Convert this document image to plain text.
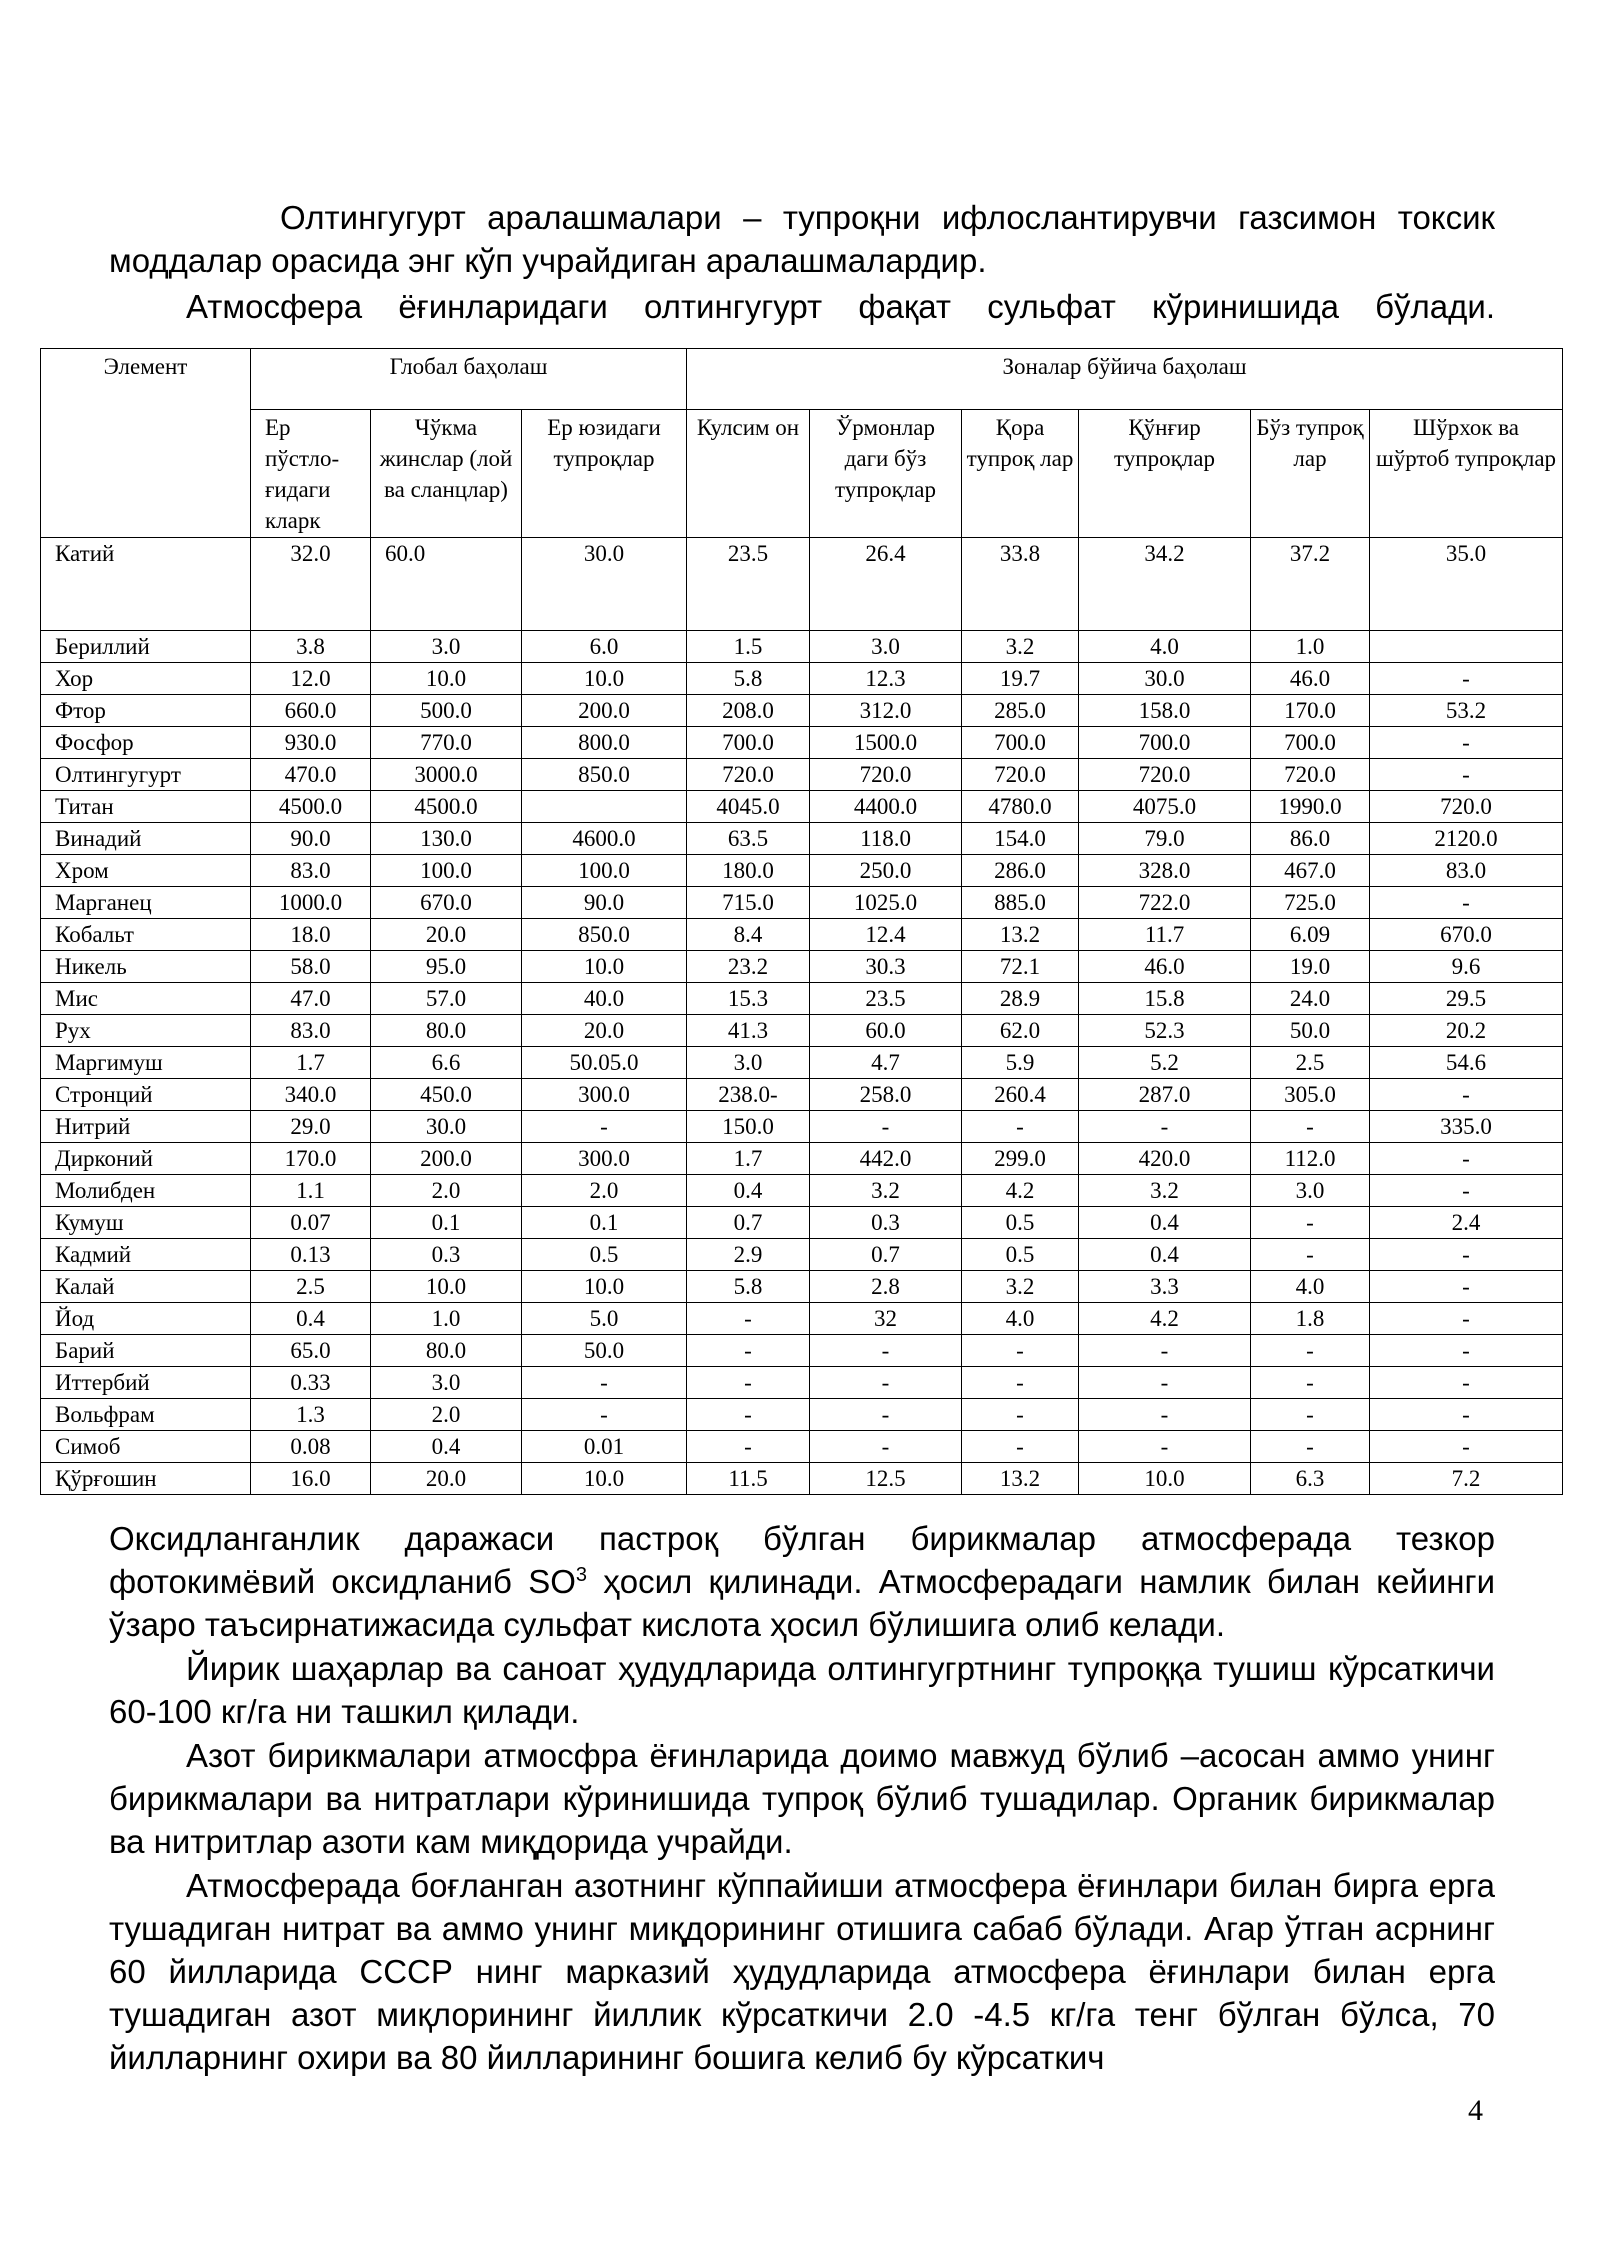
Олтингугурт аралашмалари – тупроқни ифлослантирувчи газсимон токсик моддалар орасида энг кўп учрайдиган аралашмалардир.

Атмосфера ёғинларидаги олтингугурт фақат сульфат кўринишида бўлади.

Элемент	Глобал баҳолаш			Зоналар бўйича баҳолаш					
	Ер пўстло-ғидаги кларк	Чўкма жинслар (лой ва сланцлар)	Ер юзидаги тупроқлар	Кулсим он	Ўрмонлар даги бўз тупроқлар	Қора тупроқ лар	Қўнғир тупроқлар	Бўз тупроқ лар	Шўрхок ва шўртоб тупроқлар
Катий	32.0	60.0	30.0	23.5	26.4	33.8	34.2	37.2	35.0
Бериллий	3.8	3.0	6.0	1.5	3.0	3.2	4.0	1.0	
Хор	12.0	10.0	10.0	5.8	12.3	19.7	30.0	46.0	-
Фтор	660.0	500.0	200.0	208.0	312.0	285.0	158.0	170.0	53.2
Фосфор	930.0	770.0	800.0	700.0	1500.0	700.0	700.0	700.0	-
Олтингугурт	470.0	3000.0	850.0	720.0	720.0	720.0	720.0	720.0	-
Титан	4500.0	4500.0		4045.0	4400.0	4780.0	4075.0	1990.0	720.0
Винадий	90.0	130.0	4600.0	63.5	118.0	154.0	79.0	86.0	2120.0
Хром	83.0	100.0	100.0	180.0	250.0	286.0	328.0	467.0	83.0
Марганец	1000.0	670.0	90.0	715.0	1025.0	885.0	722.0	725.0	-
Кобальт	18.0	20.0	850.0	8.4	12.4	13.2	11.7	6.09	670.0
Никель	58.0	95.0	10.0	23.2	30.3	72.1	46.0	19.0	9.6
Мис	47.0	57.0	40.0	15.3	23.5	28.9	15.8	24.0	29.5
Рух	83.0	80.0	20.0	41.3	60.0	62.0	52.3	50.0	20.2
Маргимуш	1.7	6.6	50.05.0	3.0	4.7	5.9	5.2	2.5	54.6
Стронций	340.0	450.0	300.0	238.0-	258.0	260.4	287.0	305.0	-
Нитрий	29.0	30.0	-	150.0	-	-	-	-	335.0
Дирконий	170.0	200.0	300.0	1.7	442.0	299.0	420.0	112.0	-
Молибден	1.1	2.0	2.0	0.4	3.2	4.2	3.2	3.0	-
Кумуш	0.07	0.1	0.1	0.7	0.3	0.5	0.4	-	2.4
Кадмий	0.13	0.3	0.5	2.9	0.7	0.5	0.4	-	-
Калай	2.5	10.0	10.0	5.8	2.8	3.2	3.3	4.0	-
Йод	0.4	1.0	5.0	-	32	4.0	4.2	1.8	-
Барий	65.0	80.0	50.0	-	-	-	-	-	-
Иттербий	0.33	3.0	-	-	-	-	-	-	-
Вольфрам	1.3	2.0	-	-	-	-	-	-	-
Симоб	0.08	0.4	0.01	-	-	-	-	-	-
Қўрғошин	16.0	20.0	10.0	11.5	12.5	13.2	10.0	6.3	7.2

Оксидланганлик даражаси пастроқ бўлган бирикмалар атмосферада тезкор фотокимёвий оксидланиб $SO^3$ ҳосил қилинади. Атмосферадаги намлик билан кейинги ўзаро таъсирнатижасида сульфат кислота ҳосил бўлишига олиб келади.

Йирик шаҳарлар ва саноат ҳудудларида олтингугртнинг тупроққа тушиш кўрсаткичи 60-100 кг/га ни ташкил қилади.

Азот бирикмалари атмосфра ёғинларида доимо мавжуд бўлиб –асосан аммо унинг бирикмалари ва нитратлари кўринишида тупроқ бўлиб тушадилар. Органик бирикмалар ва нитритлар азоти кам миқдорида учрайди.

Атмосферада боғланган азотнинг кўппайиши атмосфера ёғинлари билан бирга ерга тушадиган нитрат ва аммо унинг миқдорининг отишига сабаб бўлади. Агар ўтган асрнинг 60 йилларида СССР нинг марказий ҳудудларида атмосфера ёғинлари билан ерга тушадиган азот миқлорининг йиллик кўрсаткичи 2.0 -4.5 кг/га тенг бўлган бўлса, 70 йилларнинг охири ва 80 йилларининг бошига келиб бу кўрсаткич

4
